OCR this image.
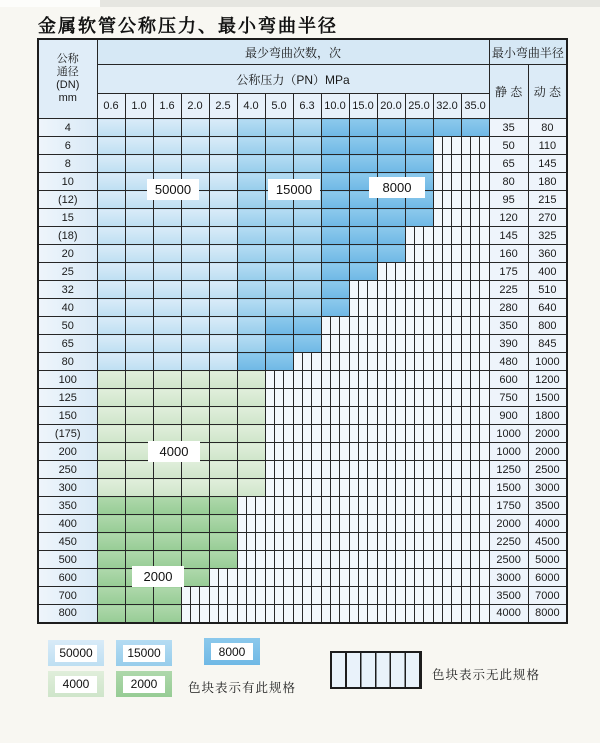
金属软管公称压力、最小弯曲半径
公称
通径
(DN)
mm	最少弯曲次数，次														最小弯曲半径	
	公称压力（PN）MPa														静 态	动 态
	0.6	1.0	1.6	2.0	2.5	4.0	5.0	6.3	10.0	15.0	20.0	25.0	32.0	35.0		
4															35	80
6															50	110
8															65	145
10															80	180
(12)															95	215
15															120	270
(18)															145	325
20															160	360
25															175	400
32															225	510
40															280	640
50															350	800
65															390	845
80															480	1000
100															600	1200
125															750	1500
150															900	1800
(175)															1000	2000
200															1000	2000
250															1250	2500
300															1500	3000
350															1750	3500
400															2000	4000
450															2250	4500
500															2500	5000
600															3000	6000
700															3500	7000
800															4000	8000
50000	15000	8000
4000
2000
色块表示有此规格
色块表示无此规格
50000	15000	8000
4000	2000
